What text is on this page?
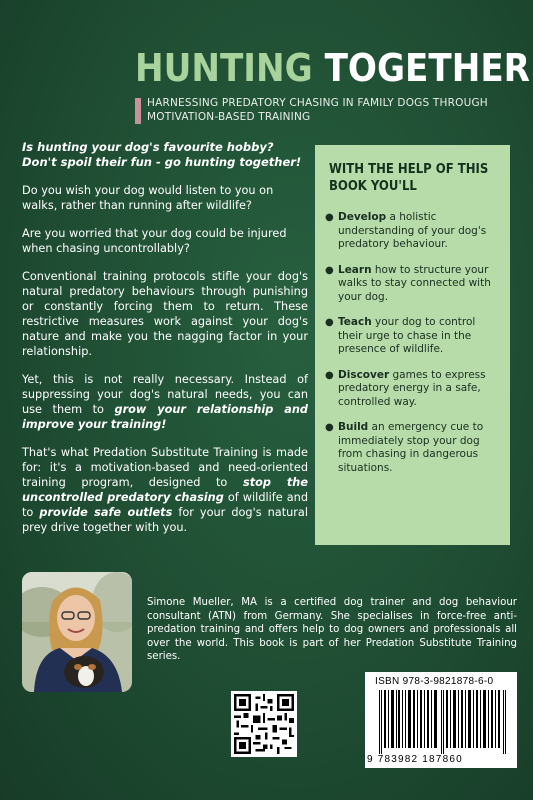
HUNTING TOGETHER
HARNESSING PREDATORY CHASING IN FAMILY DOGS THROUGH MOTIVATION-BASED TRAINING

Is hunting your dog's favourite hobby? Don't spoil their fun - go hunting together!

Do you wish your dog would listen to you on walks, rather than running after wildlife?

Are you worried that your dog could be injured when chasing uncontrollably?

Conventional training protocols stifle your dog's natural predatory behaviours through punishing or constantly forcing them to return. These restrictive measures work against your dog's nature and make you the nagging factor in your relationship.

Yet, this is not really necessary. Instead of suppressing your dog's natural needs, you can use them to grow your relationship and improve your training!

That's what Predation Substitute Training is made for: it's a motivation-based and need-oriented training program, designed to stop the uncontrolled predatory chasing of wildlife and to provide safe outlets for your dog's natural prey drive together with you.

WITH THE HELP OF THIS BOOK YOU'LL
● Develop a holistic understanding of your dog's predatory behaviour.
● Learn how to structure your walks to stay connected with your dog.
● Teach your dog to control their urge to chase in the presence of wildlife.
● Discover games to express predatory energy in a safe, controlled way.
● Build an emergency cue to immediately stop your dog from chasing in dangerous situations.
Simone Mueller, MA is a certified dog trainer and dog behaviour consultant (ATN) from Germany. She specialises in force-free anti-predation training and offers help to dog owners and professionals all over the world. This book is part of her Predation Substitute Training series.
ISBN 978-3-9821878-6-0
9 783982 187860
